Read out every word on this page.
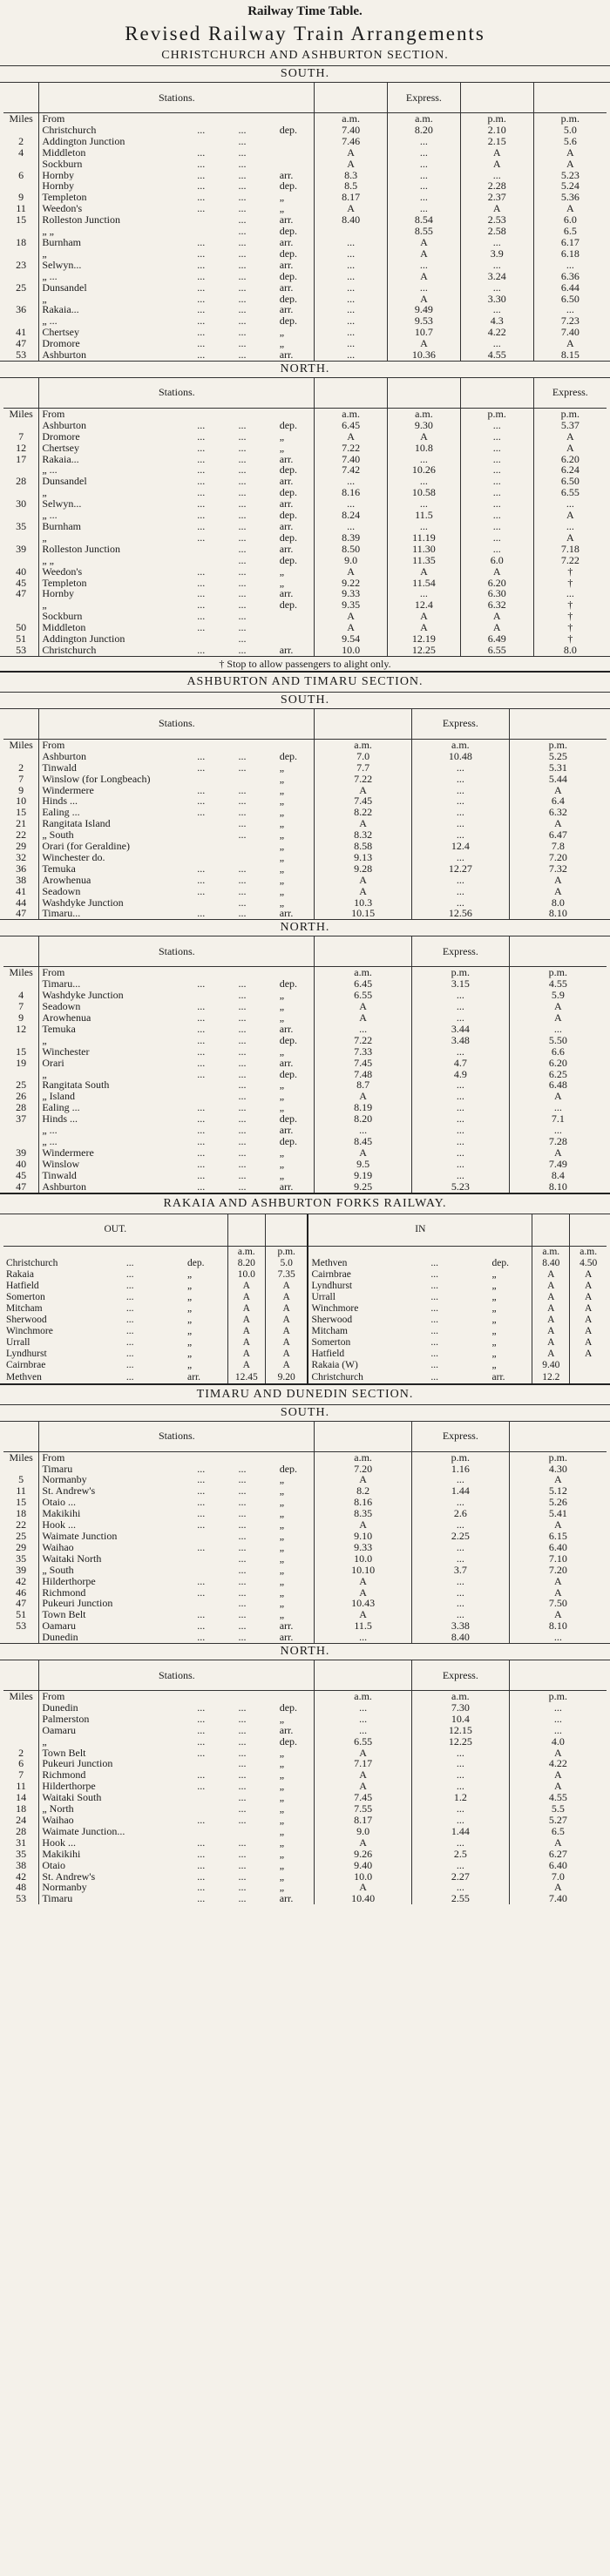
Railway Time Table.
Revised Railway Train Arrangements
CHRISTCHURCH AND ASHBURTON SECTION.
SOUTH.
	Stations.					Express.		
Miles	From				a.m.	a.m.	p.m.	p.m.
	Christchurch	...	...	dep.	7.40	8.20	2.10	5.0
2	Addington Junction		...		7.46	...	2.15	5.6
4	Middleton	...	...		A	...	A	A
	Sockburn	...	...		A	...	A	A
6	Hornby	...	...	arr.	8.3	...	...	5.23
	Hornby	...	...	dep.	8.5	...	2.28	5.24
9	Templeton	...	...	„	8.17	...	2.37	5.36
11	Weedon's	...	...	„	A	...	A	A
15	Rolleston Junction		...	arr.	8.40	8.54	2.53	6.0
	„ „		...	dep.		8.55	2.58	6.5
18	Burnham	...	...	arr.	...	A	...	6.17
	„	...	...	dep.	...	A	3.9	6.18
23	Selwyn...	...	...	arr.	...	...	...	...
	„ ...	...	...	dep.	...	A	3.24	6.36
25	Dunsandel	...	...	arr.	...	...	...	6.44
	„	...	...	dep.	...	A	3.30	6.50
36	Rakaia...	...	...	arr.	...	9.49	...	...
	„ ...	...	...	dep.	...	9.53	4.3	7.23
41	Chertsey	...	...	„	...	10.7	4.22	7.40
47	Dromore	...	...	„	...	A	...	A
53	Ashburton	...	...	arr.	...	10.36	4.55	8.15
NORTH.
	Stations.							Express.
Miles	From				a.m.	a.m.	p.m.	p.m.
	Ashburton	...	...	dep.	6.45	9.30	...	5.37
7	Dromore	...	...	„	A	A	...	A
12	Chertsey	...	...	„	7.22	10.8	...	A
17	Rakaia...	...	...	arr.	7.40	...	...	6.20
	„ ...	...	...	dep.	7.42	10.26	...	6.24
28	Dunsandel	...	...	arr.	...	...	...	6.50
	„	...	...	dep.	8.16	10.58	...	6.55
30	Selwyn...	...	...	arr.	...	...	...	...
	„ ...	...	...	dep.	8.24	11.5	...	A
35	Burnham	...	...	arr.	...	...	...	...
	„	...	...	dep.	8.39	11.19	...	A
39	Rolleston Junction		...	arr.	8.50	11.30	...	7.18
	„ „		...	dep.	9.0	11.35	6.0	7.22
40	Weedon's	...	...	„	A	A	A	†
45	Templeton	...	...	„	9.22	11.54	6.20	†
47	Hornby	...	...	arr.	9.33	...	6.30	...
	„	...	...	dep.	9.35	12.4	6.32	†
	Sockburn	...	...		A	A	A	†
50	Middleton	...	...		A	A	A	†
51	Addington Junction		...		9.54	12.19	6.49	†
53	Christchurch	...	...	arr.	10.0	12.25	6.55	8.0
† Stop to allow passengers to alight only.
ASHBURTON AND TIMARU SECTION.
SOUTH.
	Stations.					Express.	
Miles	From				a.m.	a.m.	p.m.
	Ashburton	...	...	dep.	7.0	10.48	5.25
2	Tinwald	...	...	„	7.7	...	5.31
7	Winslow (for Longbeach)			„	7.22	...	5.44
9	Windermere	...	...	„	A	...	A
10	Hinds ...	...	...	„	7.45	...	6.4
15	Ealing ...	...	...	„	8.22	...	6.32
21	Rangitata Island		...	„	A	...	A
22	„ South		...	„	8.32	...	6.47
29	Orari (for Geraldine)			„	8.58	12.4	7.8
32	Winchester do.			„	9.13	...	7.20
36	Temuka	...	...	„	9.28	12.27	7.32
38	Arowhenua	...	...	„	A	...	A
41	Seadown	...	...	„	A	...	A
44	Washdyke Junction		...	„	10.3	...	8.0
47	Timaru...	...	...	arr.	10.15	12.56	8.10
NORTH.
	Stations.					Express.	
Miles	From				a.m.	p.m.	p.m.
	Timaru...	...	...	dep.	6.45	3.15	4.55
4	Washdyke Junction		...	„	6.55	...	5.9
7	Seadown	...	...	„	A	...	A
9	Arowhenua	...	...	„	A	...	A
12	Temuka	...	...	arr.	...	3.44	...
	„	...	...	dep.	7.22	3.48	5.50
15	Winchester	...	...	„	7.33	...	6.6
19	Orari	...	...	arr.	7.45	4.7	6.20
	„	...	...	dep.	7.48	4.9	6.25
25	Rangitata South		...	„	8.7	...	6.48
26	„ Island		...	„	A	...	A
28	Ealing ...	...	...	„	8.19	...	...
37	Hinds ...	...	...	dep.	8.20	...	7.1
	„ ...	...	...	arr.	...	...	...
	„ ...	...	...	dep.	8.45	...	7.28
39	Windermere	...	...	„	A	...	A
40	Winslow	...	...	„	9.5	...	7.49
45	Tinwald	...	...	„	9.19	...	8.4
47	Ashburton	...	...	arr.	9.25	5.23	8.10
RAKAIA AND ASHBURTON FORKS RAILWAY.
OUT.					IN				
			a.m.	p.m.				a.m.	a.m.
Christchurch	...	dep.	8.20	5.0	Methven	...	dep.	8.40	4.50
Rakaia	...	„	10.0	7.35	Cairnbrae	...	„	A	A
Hatfield	...	„	A	A	Lyndhurst	...	„	A	A
Somerton	...	„	A	A	Urrall	...	„	A	A
Mitcham	...	„	A	A	Winchmore	...	„	A	A
Sherwood	...	„	A	A	Sherwood	...	„	A	A
Winchmore	...	„	A	A	Mitcham	...	„	A	A
Urrall	...	„	A	A	Somerton	...	„	A	A
Lyndhurst	...	„	A	A	Hatfield	...	„	A	A
Cairnbrae	...	„	A	A	Rakaia (W)	...	„	9.40	
Methven	...	arr.	12.45	9.20	Christchurch	...	arr.	12.2	
TIMARU AND DUNEDIN SECTION.
SOUTH.
	Stations.					Express.	
Miles	From				a.m.	p.m.	p.m.
	Timaru	...	...	dep.	7.20	1.16	4.30
5	Normanby	...	...	„	A	...	A
11	St. Andrew's	...	...	„	8.2	1.44	5.12
15	Otaio ...	...	...	„	8.16	...	5.26
18	Makikihi	...	...	„	8.35	2.6	5.41
22	Hook ...	...	...	„	A	...	A
25	Waimate Junction		...	„	9.10	2.25	6.15
29	Waihao	...	...	„	9.33	...	6.40
35	Waitaki North		...	„	10.0	...	7.10
39	„ South		...	„	10.10	3.7	7.20
42	Hilderthorpe	...	...	„	A	...	A
46	Richmond	...	...	„	A	...	A
47	Pukeuri Junction		...	„	10.43	...	7.50
51	Town Belt	...	...	„	A	...	A
53	Oamaru	...	...	arr.	11.5	3.38	8.10
	Dunedin	...	...	arr.	...	8.40	...
NORTH.
	Stations.					Express.	
Miles	From				a.m.	a.m.	p.m.
	Dunedin	...	...	dep.	...	7.30	...
	Palmerston	...	...	„	...	10.4	...
	Oamaru	...	...	arr.	...	12.15	...
	„	...	...	dep.	6.55	12.25	4.0
2	Town Belt	...	...	„	A	...	A
6	Pukeuri Junction		...	„	7.17	...	4.22
7	Richmond	...	...	„	A	...	A
11	Hilderthorpe	...	...	„	A	...	A
14	Waitaki South		...	„	7.45	1.2	4.55
18	„ North		...	„	7.55	...	5.5
24	Waihao	...	...	„	8.17	...	5.27
28	Waimate Junction...			„	9.0	1.44	6.5
31	Hook ...	...	...	„	A	...	A
35	Makikihi	...	...	„	9.26	2.5	6.27
38	Otaio	...	...	„	9.40	...	6.40
42	St. Andrew's	...	...	„	10.0	2.27	7.0
48	Normanby	...	...	„	A	...	A
53	Timaru	...	...	arr.	10.40	2.55	7.40
